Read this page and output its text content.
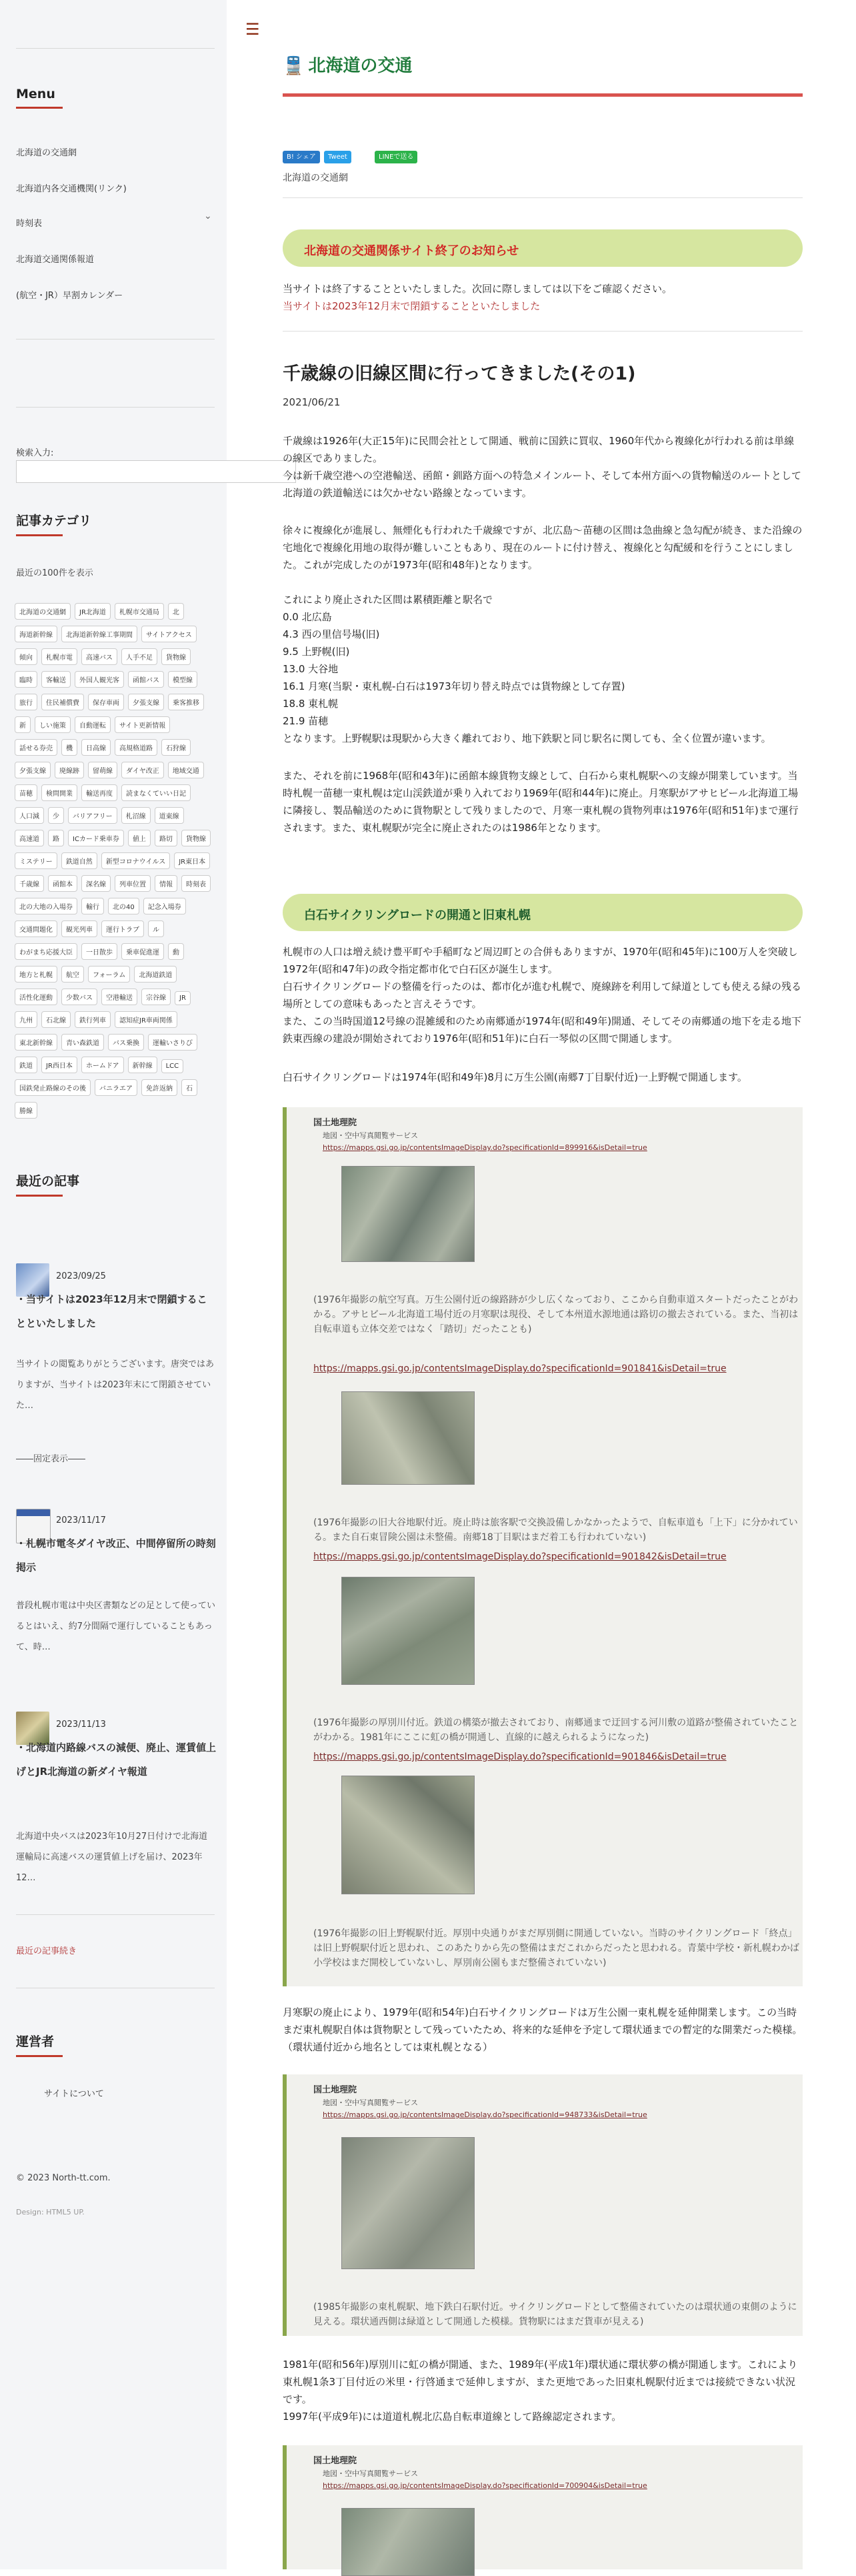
Menu
北海道の交通網
北海道内各交通機関(リンク)
時刻表
⌄
北海道交通関係報道
(航空・JR）早割カレンダー
検索入力:
記事カテゴリ
最近の100件を表示
北海道の交通網 JR北海道 札幌市交通局 北海道新幹線 北海道新幹線工事期間 サイトアクセス傾向 札幌市電 高速バス 人手不足 貨物線臨時 客輸送 外国人観光客 函館バス 模型線旅行 住民補償費 保存車両 夕張支線 乗客推移新 しい施策 自動運転 サイト更新情報話せる券売 機 日高線 高規格道路 石狩線夕張支線 廃線跡 留萌線 ダイヤ改正 地域交通苗穂 検問開業 輸送再度 読まなくていい日記人口減 少 バリアフリー 札沼線 道東線高速道 路 ICカード乗車券 値上 路切 貨物線ミステリー 鉄道自然 新型コロナウイルス JR東日本千歳線 函館本 深名線 列車位置 情報 時刻表北の大地の入場券 輸行 北の40 記念入場券交通問題化 観光列車 運行トラブ ルわがまち応援大臣 一日散歩 乗車促進運 動地方と札幌 航空 フォーラム 北海道鉄道活性化運動 少数バス 空港輸送 宗谷線 JR九州 石北線 鉄行列車 認知症JR車両関係東北新幹線 青い森鉄道 バス乗換 運輸いさりび鉄道 JR西日本 ホームドア 新幹線 LCC国鉄発止路線のその後 バニラエア 免許返納 石勝線
最近の記事
2023/09/25
・当サイトは2023年12月末で閉鎖することといたしました
当サイトの閲覧ありがとうございます。唐突ではありますが、当サイトは2023年末にて閉鎖させていた…
――固定表示――
2023/11/17
・札幌市電冬ダイヤ改正、中間停留所の時刻掲示
普段札幌市電は中央区書類などの足として使っているとはいえ、約7分間隔で運行していることもあって、時…
2023/11/13
・北海道内路線バスの減便、廃止、運賃値上げとJR北海道の新ダイヤ報道
北海道中央バスは2023年10月27日付けで北海道運輸局に高速バスの運賃値上げを届け、2023年12…
最近の記事続き
運営者
サイトについて
© 2023 North-tt.com.
Design: HTML5 UP.
☰
🚆 北海道の交通
B! シェア	Tweet	LINEで送る
北海道の交通網
北海道の交通関係サイト終了のお知らせ
当サイトは終了することといたしました。次回に際しましては以下をご確認ください。
当サイトは2023年12月末で閉鎖することといたしました
千歳線の旧線区間に行ってきました(その1)
2021/06/21
千歳線は1926年(大正15年)に民間会社として開通、戦前に国鉄に買収、1960年代から複線化が行われる前は単線の線区でありました。
今は新千歳空港への空港輸送、函館・釧路方面への特急メインルート、そして本州方面への貨物輸送のルートとして北海道の鉄道輸送には欠かせない路線となっています。
徐々に複線化が進展し、無煙化も行われた千歳線ですが、北広島～苗穂の区間は急曲線と急勾配が続き、また沿線の宅地化で複線化用地の取得が難しいこともあり、現在のルートに付け替え、複線化と勾配緩和を行うことにしました。これが完成したのが1973年(昭和48年)となります。
これにより廃止された区間は累積距離と駅名で
0.0 北広島
4.3 西の里信号場(旧)
9.5 上野幌(旧)
13.0 大谷地
16.1 月寒(当駅・東札幌-白石は1973年切り替え時点では貨物線として存置)
18.8 東札幌
21.9 苗穂
となります。上野幌駅は現駅から大きく離れており、地下鉄駅と同じ駅名に関しても、全く位置が違います。
また、それを前に1968年(昭和43年)に函館本線貨物支線として、白石から東札幌駅への支線が開業しています。当時札幌一苗穂一東札幌は定山渓鉄道が乗り入れており1969年(昭和44年)に廃止。月寒駅がアサヒビール北海道工場に隣接し、製品輸送のために貨物駅として残りましたので、月寒一東札幌の貨物列車は1976年(昭和51年)まで運行されます。また、東札幌駅が完全に廃止されたのは1986年となります。
白石サイクリングロードの開通と旧東札幌
札幌市の人口は増え続け豊平町や手稲町など周辺町との合併もありますが、1970年(昭和45年)に100万人を突破し1972年(昭和47年)の政令指定都市化で白石区が誕生します。
白石サイクリングロードの整備を行ったのは、都市化が進む札幌で、廃線跡を利用して緑道としても使える緑の残る場所としての意味もあったと言えそうです。
また、この当時国道12号線の混雑緩和のため南郷通が1974年(昭和49年)開通、そしてその南郷通の地下を走る地下鉄東西線の建設が開始されており1976年(昭和51年)に白石一琴似の区間で開通します。
白石サイクリングロードは1974年(昭和49年)8月に万生公園(南郷7丁目駅付近)一上野幌で開通します。
国土地理院
地図・空中写真閲覧サービス
https://mapps.gsi.go.jp/contentsImageDisplay.do?specificationId=899916&isDetail=true
(1976年撮影の航空写真。万生公園付近の線路跡が少し広くなっており、ここから自動車道スタートだったことがわかる。アサヒビール北海道工場付近の月寒駅は現役、そして本州道水源地通は路切の撤去されている。また、当初は自転車道も立体交差ではなく「踏切」だったことも)
https://mapps.gsi.go.jp/contentsImageDisplay.do?specificationId=901841&isDetail=true
(1976年撮影の旧大谷地駅付近。廃止時は旅客駅で交換設備しかなかったようで、自転車道も「上下」に分かれている。また自石東冒険公園は未整備。南郷18丁目駅はまだ着工も行われていない)
https://mapps.gsi.go.jp/contentsImageDisplay.do?specificationId=901842&isDetail=true
(1976年撮影の厚別川付近。鉄道の構築が撤去されており、南郷通まで迂回する河川敷の道路が整備されていたことがわかる。1981年にここに虹の橋が開通し、直線的に越えられるようになった)
https://mapps.gsi.go.jp/contentsImageDisplay.do?specificationId=901846&isDetail=true
(1976年撮影の旧上野幌駅付近。厚別中央通りがまだ厚別側に開通していない。当時のサイクリングロード「終点」は旧上野幌駅付近と思われ、このあたりから先の整備はまだこれからだったと思われる。青葉中学校・新札幌わかば小学校はまだ開校していないし、厚別南公園もまだ整備されていない)
月寒駅の廃止により、1979年(昭和54年)白石サイクリングロードは万生公園一東札幌を延伸開業します。この当時まだ東札幌駅自体は貨物駅として残っていたため、将来的な延伸を予定して環状通までの暫定的な開業だった模様。（環状通付近から地名としては東札幌となる）
国土地理院
地図・空中写真閲覧サービス
https://mapps.gsi.go.jp/contentsImageDisplay.do?specificationId=948733&isDetail=true
(1985年撮影の東札幌駅、地下鉄白石駅付近。サイクリングロードとして整備されていたのは環状通の東側のように見える。環状通西側は緑道として開通した模様。貨物駅にはまだ貨車が見える)
1981年(昭和56年)厚別川に虹の橋が開通、また、1989年(平成1年)環状通に環状夢の橋が開通します。これにより東札幌1条3丁目付近の米里・行啓通まで延伸しますが、また更地であった旧東札幌駅付近までは接続できない状況です。
1997年(平成9年)には道道札幌北広島自転車道線として路線認定されます。
国土地理院
地図・空中写真閲覧サービス
https://mapps.gsi.go.jp/contentsImageDisplay.do?specificationId=700904&isDetail=true
